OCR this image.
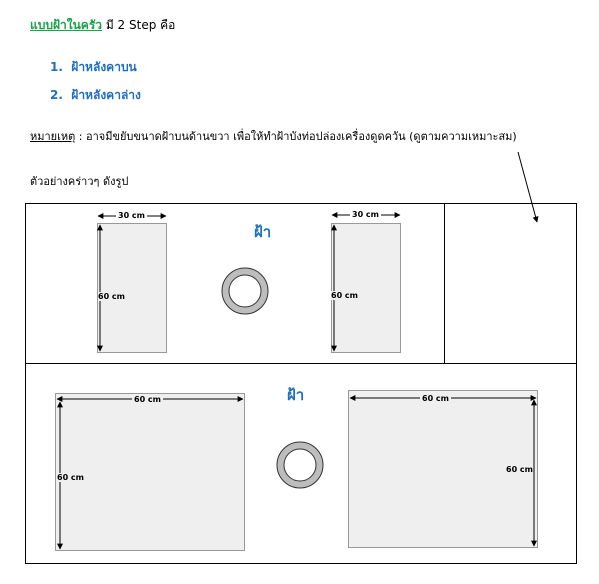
แบบฝ้าในครัว มี 2 Step คือ
1. ฝ้าหลังคาบน
2. ฝ้าหลังคาล่าง
หมายเหตุ : อาจมีขยับขนาดฝ้าบนด้านขวา เพื่อให้ทำฝ้าบังท่อปล่องเครื่องดูดควัน (ดูตามความเหมาะสม)
ตัวอย่างคร่าวๆ ดังรูป
30 cm
60 cm
30 cm
60 cm
60 cm
60 cm
60 cm
60 cm
ฝ้า
ฝ้า
